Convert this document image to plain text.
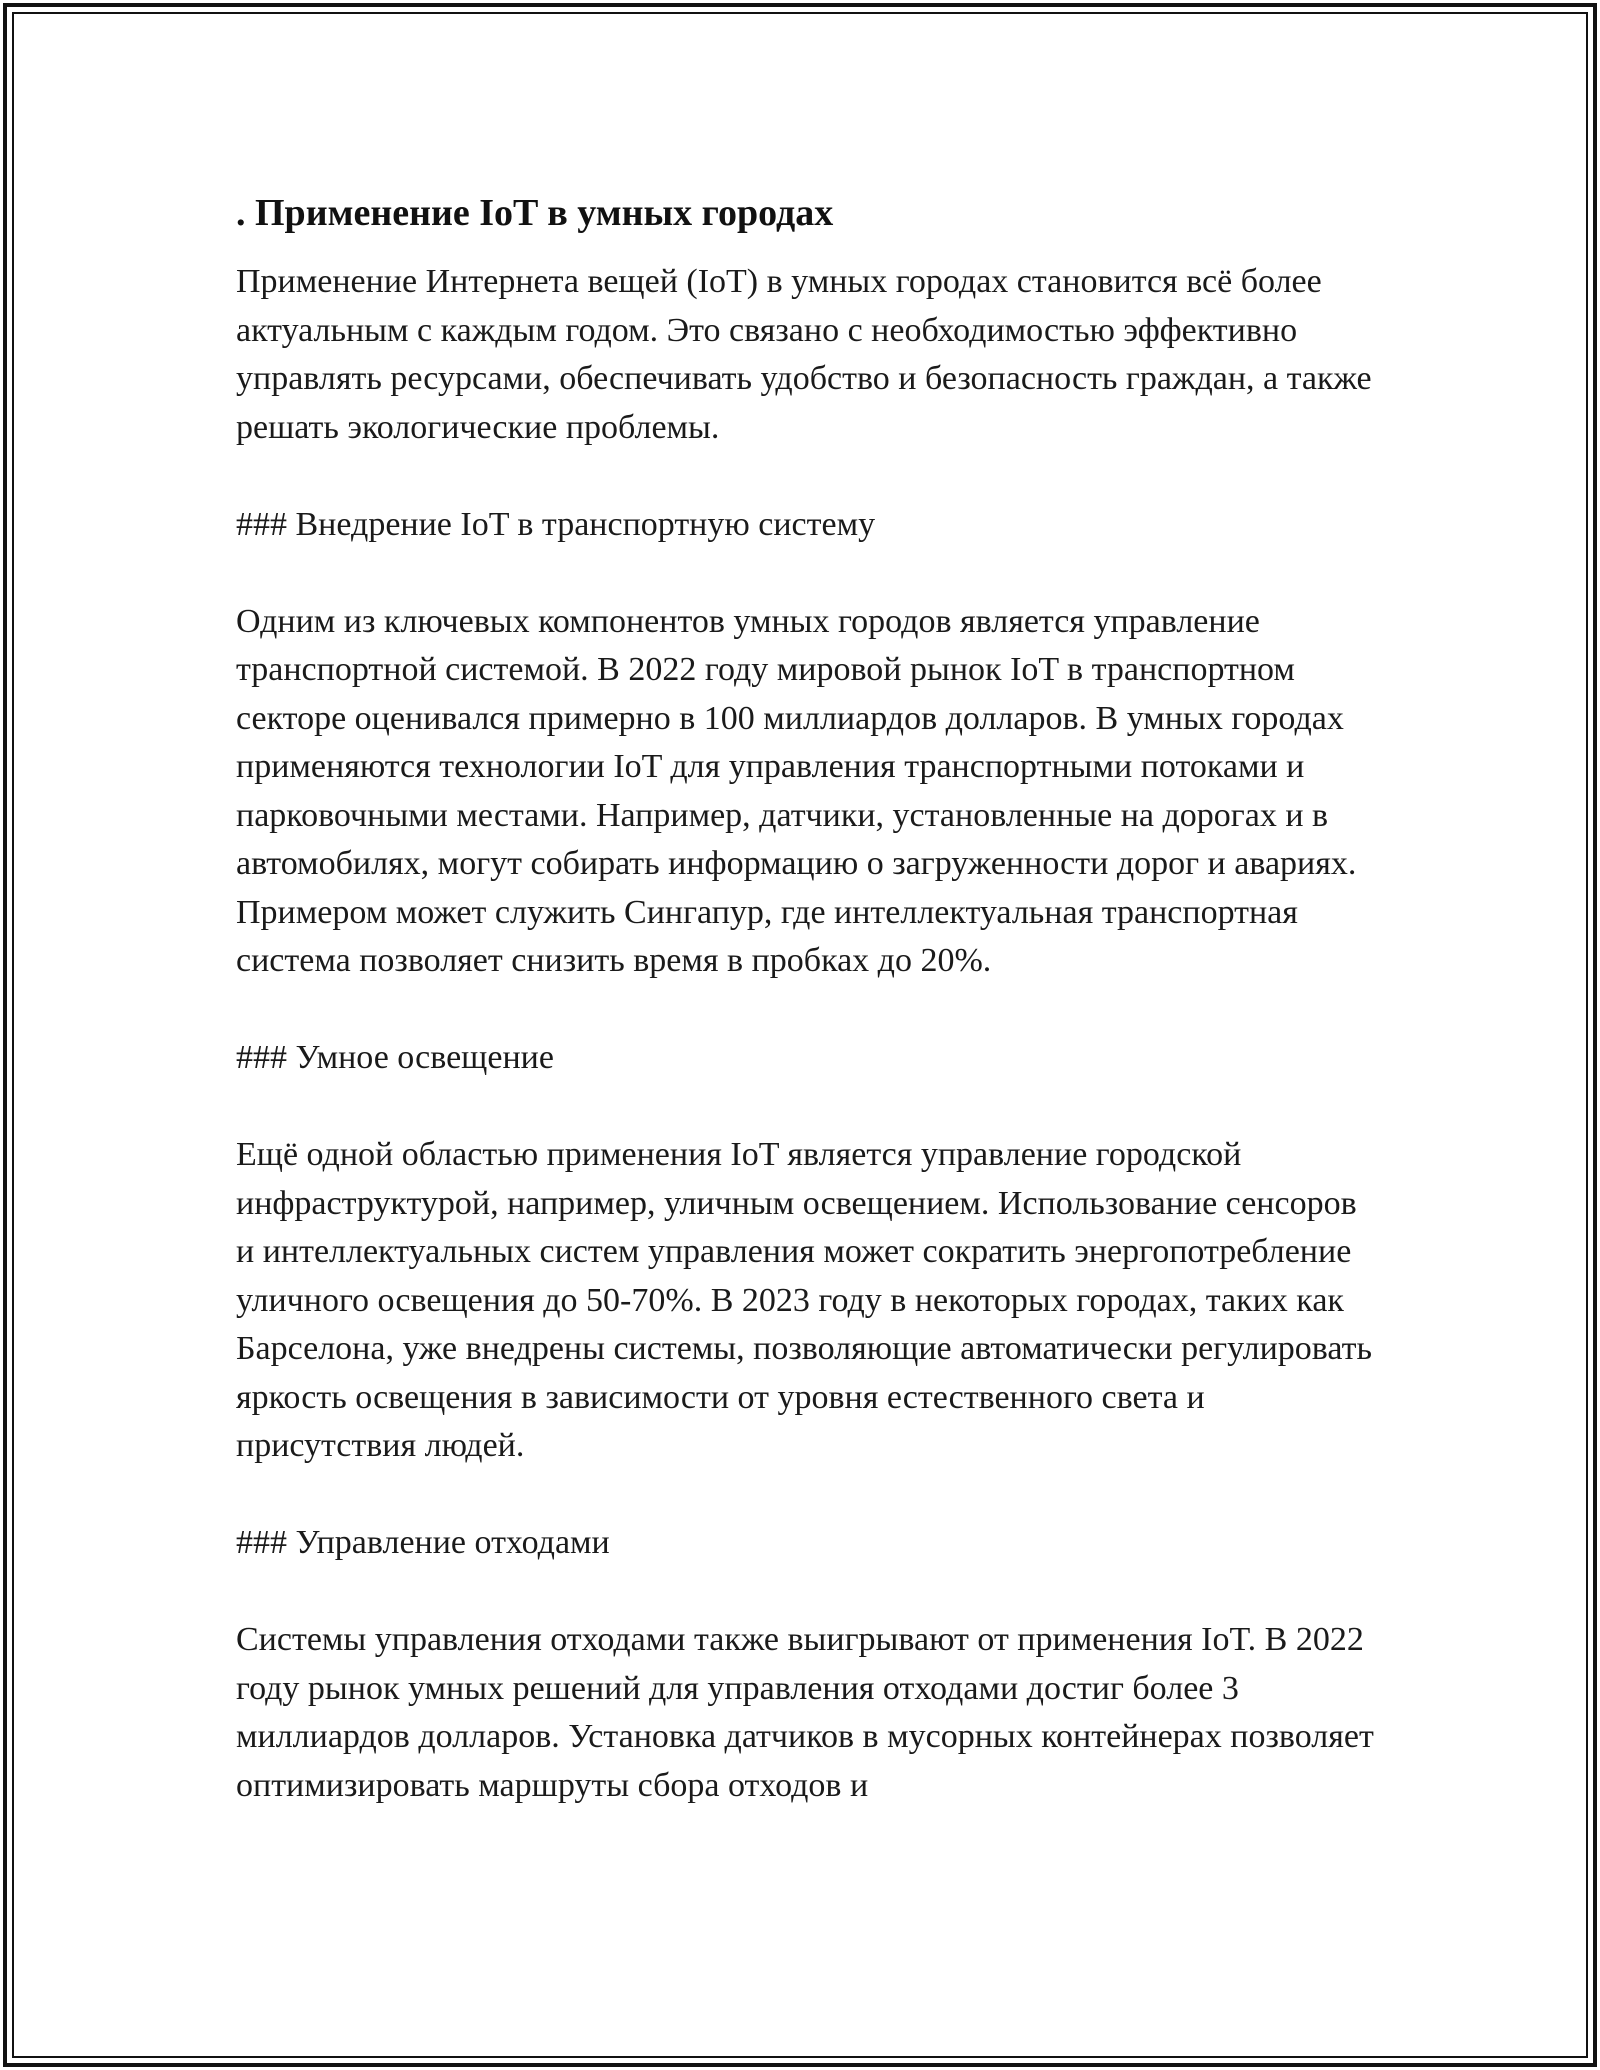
. Применение IoT в умных городах

Применение Интернета вещей (IoT) в умных городах становится всё более актуальным с каждым годом. Это связано с необходимостью эффективно управлять ресурсами, обеспечивать удобство и безопасность граждан, а также решать экологические проблемы.

### Внедрение IoT в транспортную систему

Одним из ключевых компонентов умных городов является управление транспортной системой. В 2022 году мировой рынок IoT в транспортном секторе оценивался примерно в 100 миллиардов долларов. В умных городах применяются технологии IoT для управления транспортными потоками и парковочными местами. Например, датчики, установленные на дорогах и в автомобилях, могут собирать информацию о загруженности дорог и авариях. Примером может служить Сингапур, где интеллектуальная транспортная система позволяет снизить время в пробках до 20%.

### Умное освещение

Ещё одной областью применения IoT является управление городской инфраструктурой, например, уличным освещением. Использование сенсоров и интеллектуальных систем управления может сократить энергопотребление уличного освещения до 50-70%. В 2023 году в некоторых городах, таких как Барселона, уже внедрены системы, позволяющие автоматически регулировать яркость освещения в зависимости от уровня естественного света и присутствия людей.

### Управление отходами

Системы управления отходами также выигрывают от применения IoT. В 2022 году рынок умных решений для управления отходами достиг более 3 миллиардов долларов. Установка датчиков в мусорных контейнерах позволяет оптимизировать маршруты сбора отходов и
